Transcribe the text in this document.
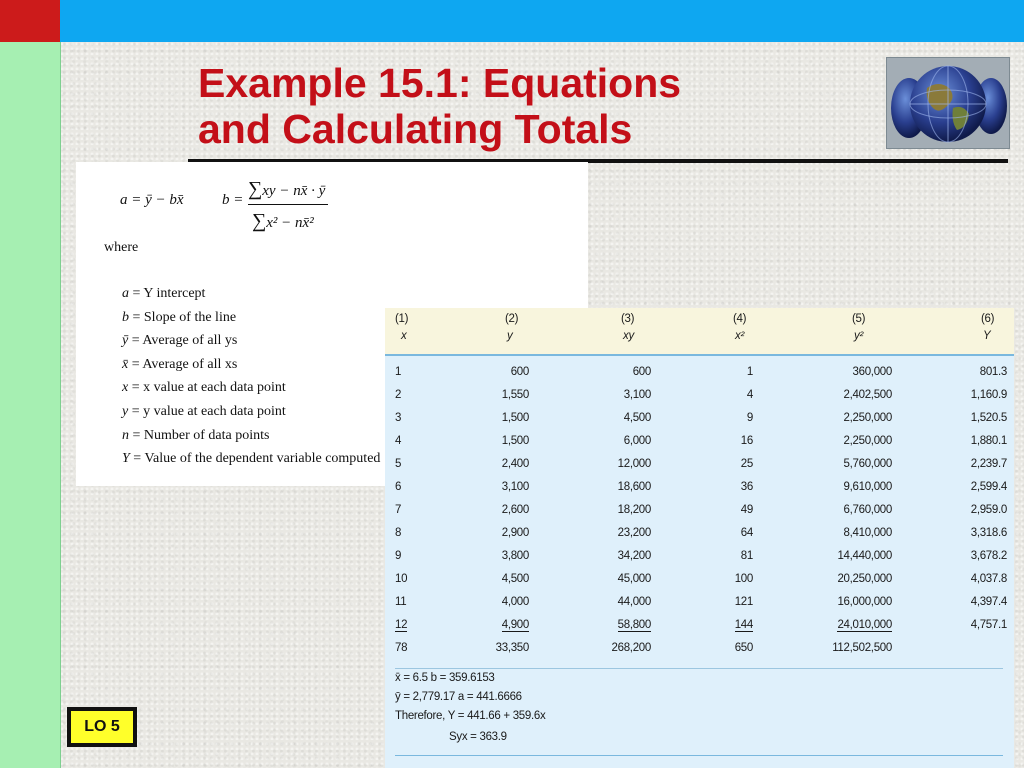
Example 15.1: Equations
and Calculating Totals
a = ȳ − bx̄	b = ∑xy − nx̄ · ȳ
∑x² − nx̄²
where
a = Y intercept
b = Slope of the line
ȳ = Average of all ys
x̄ = Average of all xs
x = x value at each data point
y = y value at each data point
n = Number of data points
Y = Value of the dependent variable computed
(1)	(2)	(3)	(4)	(5)	(6)
x	y	xy	x²	y²	Y
1	600	600	1	360,000	801.3
2	1,550	3,100	4	2,402,500	1,160.9
3	1,500	4,500	9	2,250,000	1,520.5
4	1,500	6,000	16	2,250,000	1,880.1
5	2,400	12,000	25	5,760,000	2,239.7
6	3,100	18,600	36	9,610,000	2,599.4
7	2,600	18,200	49	6,760,000	2,959.0
8	2,900	23,200	64	8,410,000	3,318.6
9	3,800	34,200	81	14,440,000	3,678.2
10	4,500	45,000	100	20,250,000	4,037.8
11	4,000	44,000	121	16,000,000	4,397.4
12	4,900	58,800	144	24,010,000	4,757.1
78	33,350	268,200	650	112,502,500
x̄ = 6.5 b = 359.6153
ȳ = 2,779.17 a = 441.6666
Therefore, Y = 441.66 + 359.6x
Syx = 363.9
LO 5
